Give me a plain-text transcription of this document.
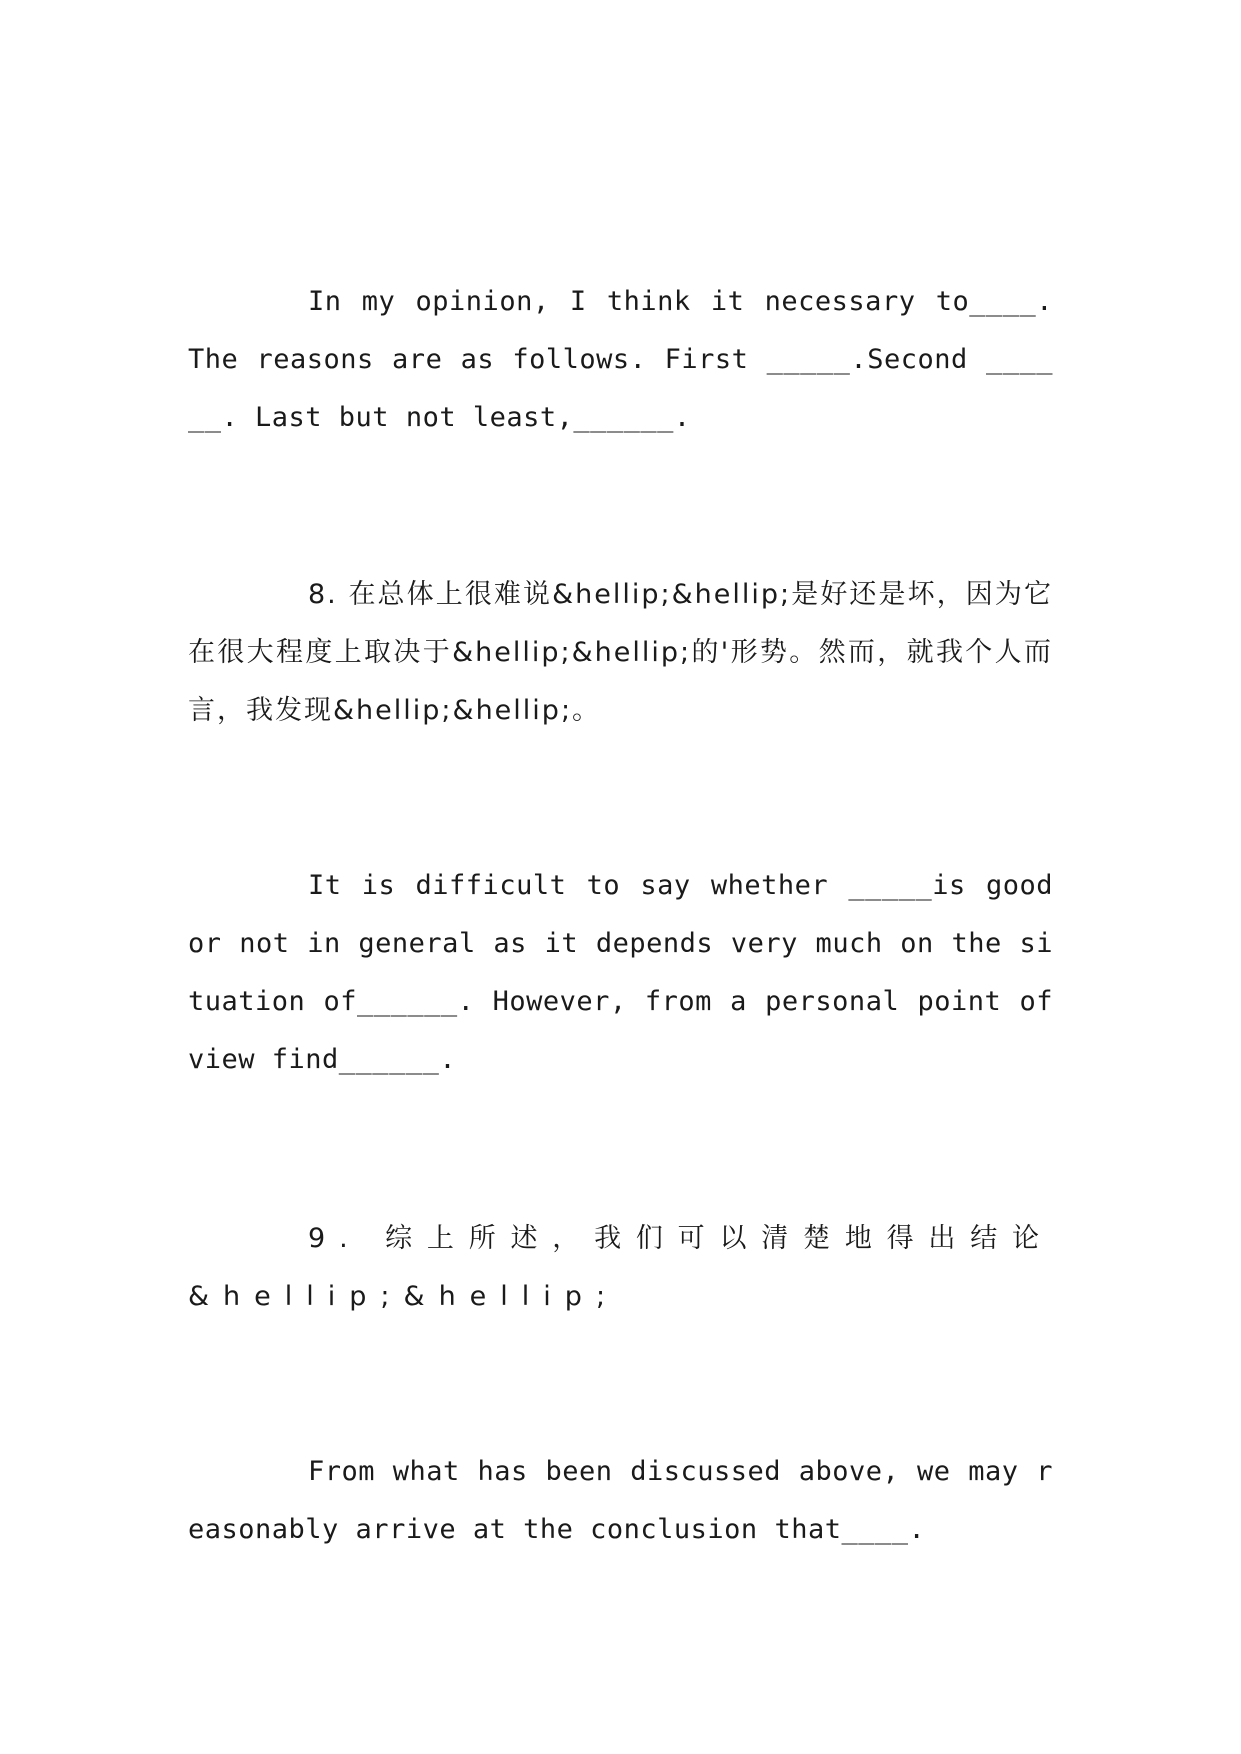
In my opinion, I think it necessary to____. The reasons are as follows. First _____.Second ______. Last but not least,______.

8. 在总体上很难说&hellip;&hellip;是好还是坏，因为它在很大程度上取决于&hellip;&hellip;的'形势。然而，就我个人而言，我发现&hellip;&hellip;。

It is difficult to say whether _____is good or not in general as it depends very much on the situation of______. However, from a personal point of view find______.

9. 综上所述，我们可以清楚地得出结论&hellip;&hellip;

From what has been discussed above, we may reasonably arrive at the conclusion that____.
